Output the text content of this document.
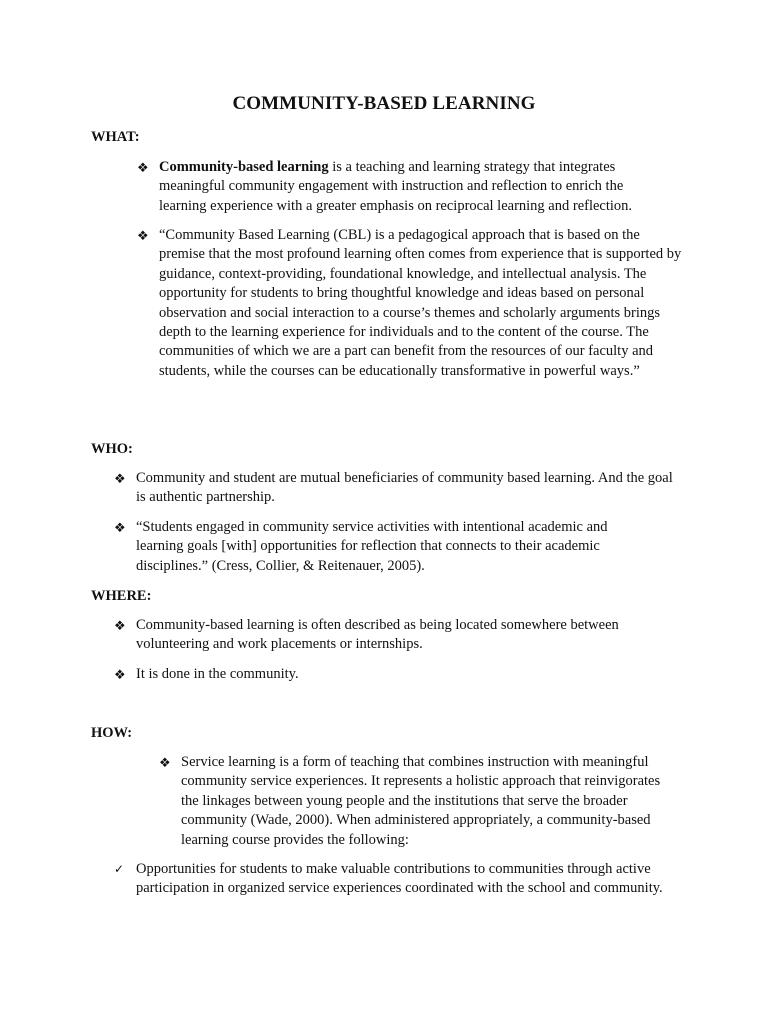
COMMUNITY-BASED LEARNING
WHAT:
❖ Community-based learning is a teaching and learning strategy that integrates meaningful community engagement with instruction and reflection to enrich the learning experience with a greater emphasis on reciprocal learning and reflection.
❖ “Community Based Learning (CBL) is a pedagogical approach that is based on the premise that the most profound learning often comes from experience that is supported by guidance, context-providing, foundational knowledge, and intellectual analysis. The opportunity for students to bring thoughtful knowledge and ideas based on personal observation and social interaction to a course’s themes and scholarly arguments brings depth to the learning experience for individuals and to the content of the course. The communities of which we are a part can benefit from the resources of our faculty and students, while the courses can be educationally transformative in powerful ways.”
WHO:
❖ Community and student are mutual beneficiaries of community based learning. And the goal is authentic partnership.
❖ “Students engaged in community service activities with intentional academic and learning goals [with] opportunities for reflection that connects to their academic disciplines.” (Cress, Collier, & Reitenauer, 2005).
WHERE:
❖ Community-based learning is often described as being located somewhere between volunteering and work placements or internships.
❖ It is done in the community.
HOW:
❖ Service learning is a form of teaching that combines instruction with meaningful community service experiences. It represents a holistic approach that reinvigorates the linkages between young people and the institutions that serve the broader community (Wade, 2000). When administered appropriately, a community-based learning course provides the following:
✓ Opportunities for students to make valuable contributions to communities through active participation in organized service experiences coordinated with the school and community.
